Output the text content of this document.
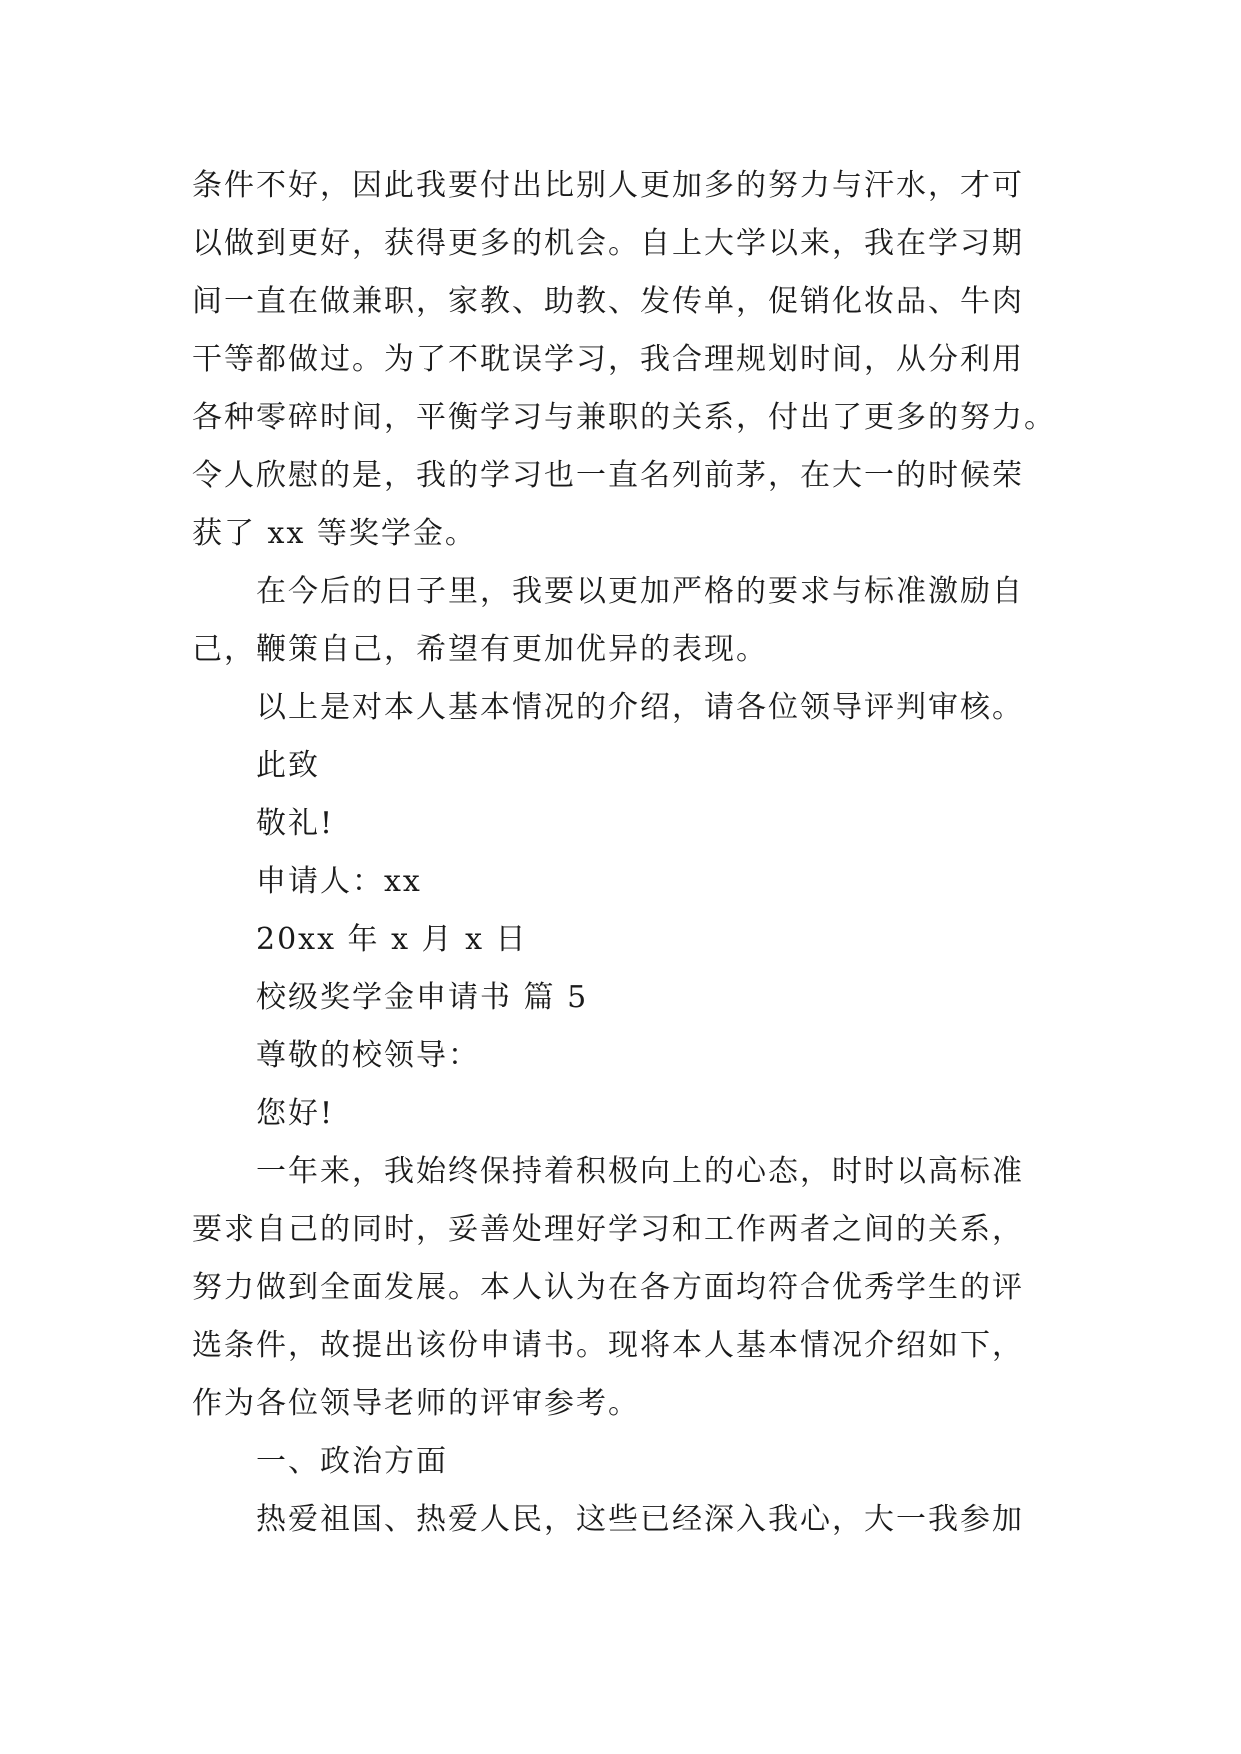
条件不好，因此我要付出比别人更加多的努力与汗水，才可
以做到更好，获得更多的机会。自上大学以来，我在学习期
间一直在做兼职，家教、助教、发传单，促销化妆品、牛肉
干等都做过。为了不耽误学习，我合理规划时间，从分利用
各种零碎时间，平衡学习与兼职的关系，付出了更多的努力。
令人欣慰的是，我的学习也一直名列前茅，在大一的时候荣
获了 xx 等奖学金。
在今后的日子里，我要以更加严格的要求与标准激励自
己，鞭策自己，希望有更加优异的表现。
以上是对本人基本情况的介绍，请各位领导评判审核。
此致
敬礼!
申请人：xx
20xx 年 x 月 x 日
校级奖学金申请书 篇 5
尊敬的校领导：
您好!
一年来，我始终保持着积极向上的心态，时时以高标准
要求自己的同时，妥善处理好学习和工作两者之间的关系，
努力做到全面发展。本人认为在各方面均符合优秀学生的评
选条件，故提出该份申请书。现将本人基本情况介绍如下，
作为各位领导老师的评审参考。
一、政治方面
热爱祖国、热爱人民，这些已经深入我心，大一我参加
